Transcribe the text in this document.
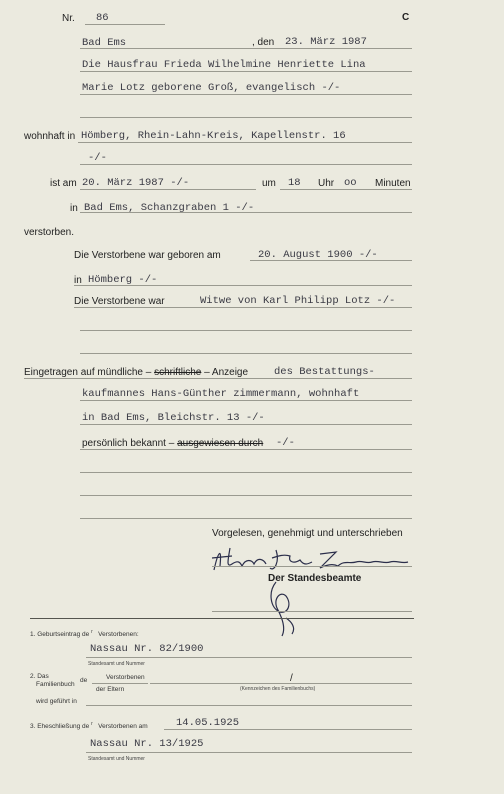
Nr. 86	C
Bad Ems	, den 23. März 1987
Die Hausfrau Frieda Wilhelmine Henriette Lina
Marie Lotz geborene Groß, evangelisch -/-
wohnhaft in Hömberg, Rhein-Lahn-Kreis, Kapellenstr. 16
-/-
ist am 20. März 1987 -/-	um 18 Uhr oo Minuten
in Bad Ems, Schanzgraben 1 -/-
verstorben.
Die Verstorbene war geboren am	20. August 1900 -/-
in Hömberg -/-
Die Verstorbene war	Witwe von Karl Philipp Lotz -/-
Eingetragen auf mündliche – schriftliche – Anzeige des Bestattungs-
kaufmannes Hans-Günther zimmermann, wohnhaft
in Bad Ems, Bleichstr. 13 -/-
persönlich bekannt – ausgewiesen durch -/-
Vorgelesen, genehmigt und unterschrieben
Der Standesbeamte
1. Geburtseintrag de $^r$ Verstorbenen:
Nassau Nr. 82/1900
Standesamt und Nummer
2. Das
Familienbuch
de	Verstorbenen
der Eltern
/
(Kennzeichen des Familienbuchs)
wird geführt in
3. Eheschließung de $^r$ Verstorbenen am	14.05.1925
Nassau Nr. 13/1925
Standesamt und Nummer
